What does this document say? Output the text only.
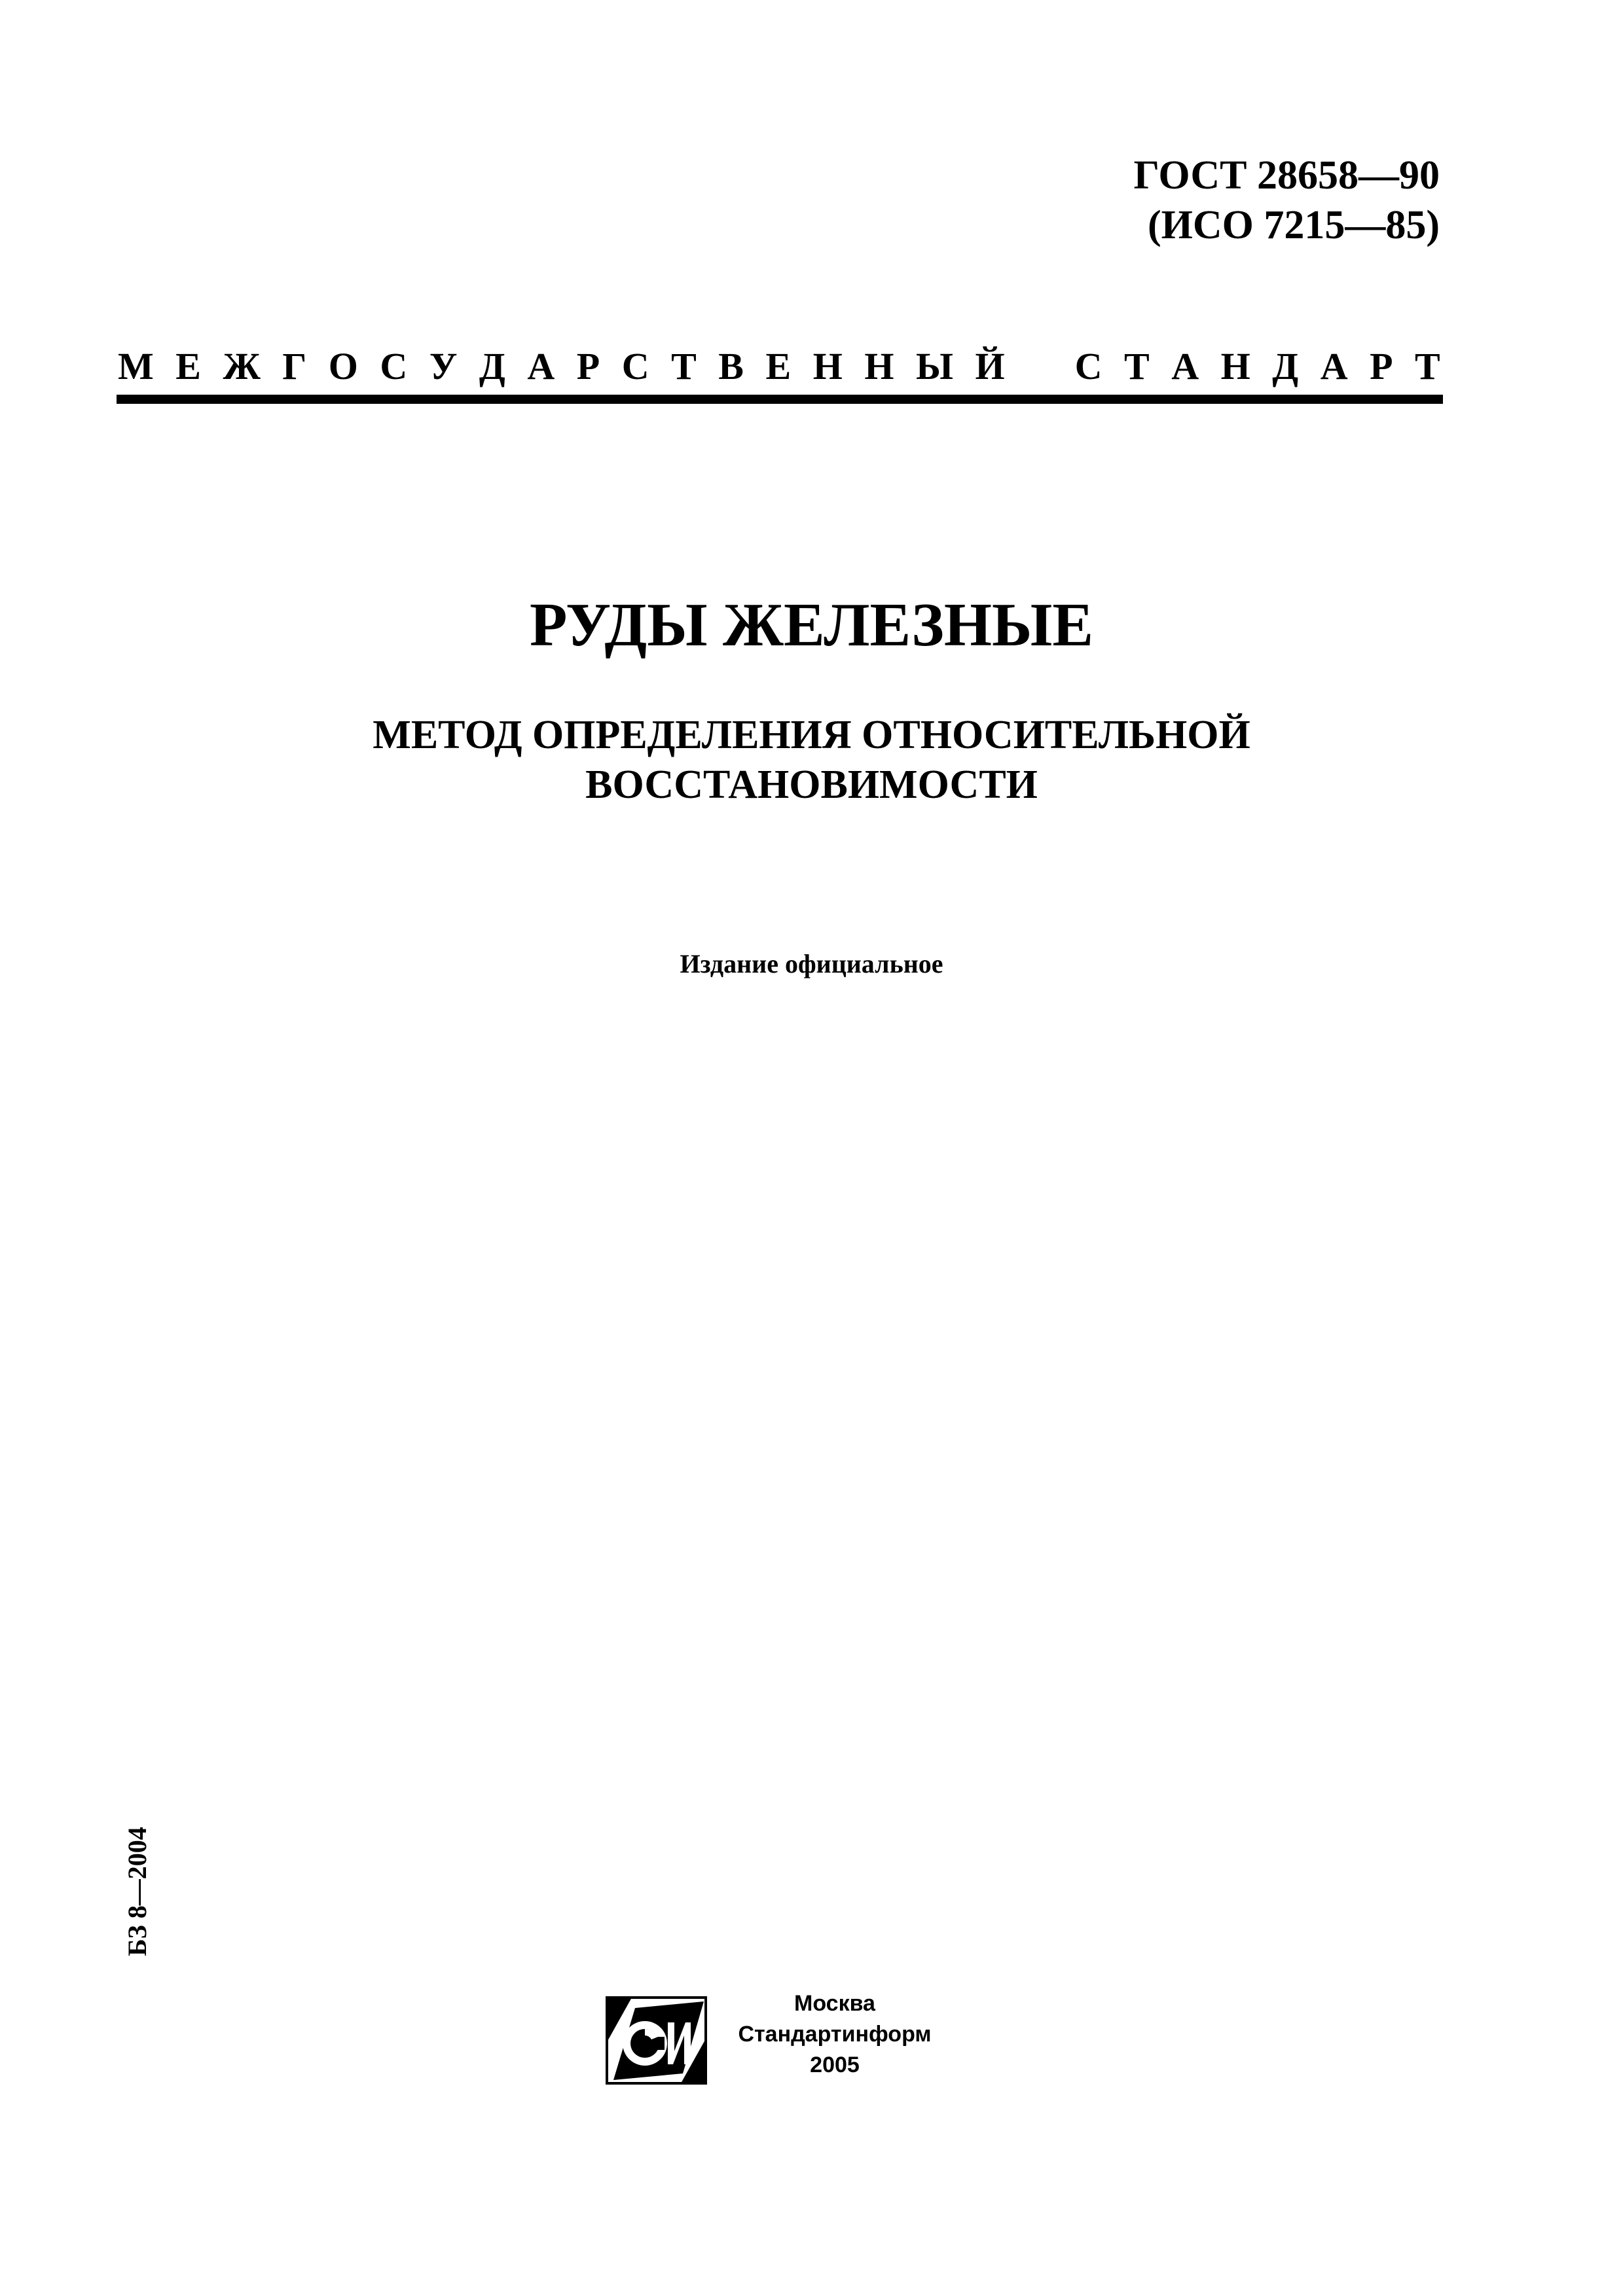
ГОСТ 28658—90
(ИСО 7215—85)
М Е Ж Г О С У Д А Р С Т В Е Н Н Ы Й С Т А Н Д А Р Т
РУДЫ ЖЕЛЕЗНЫЕ
МЕТОД ОПРЕДЕЛЕНИЯ ОТНОСИТЕЛЬНОЙ
ВОССТАНОВИМОСТИ
Издание официальное
БЗ 8—2004
Москва
Стандартинформ
2005
